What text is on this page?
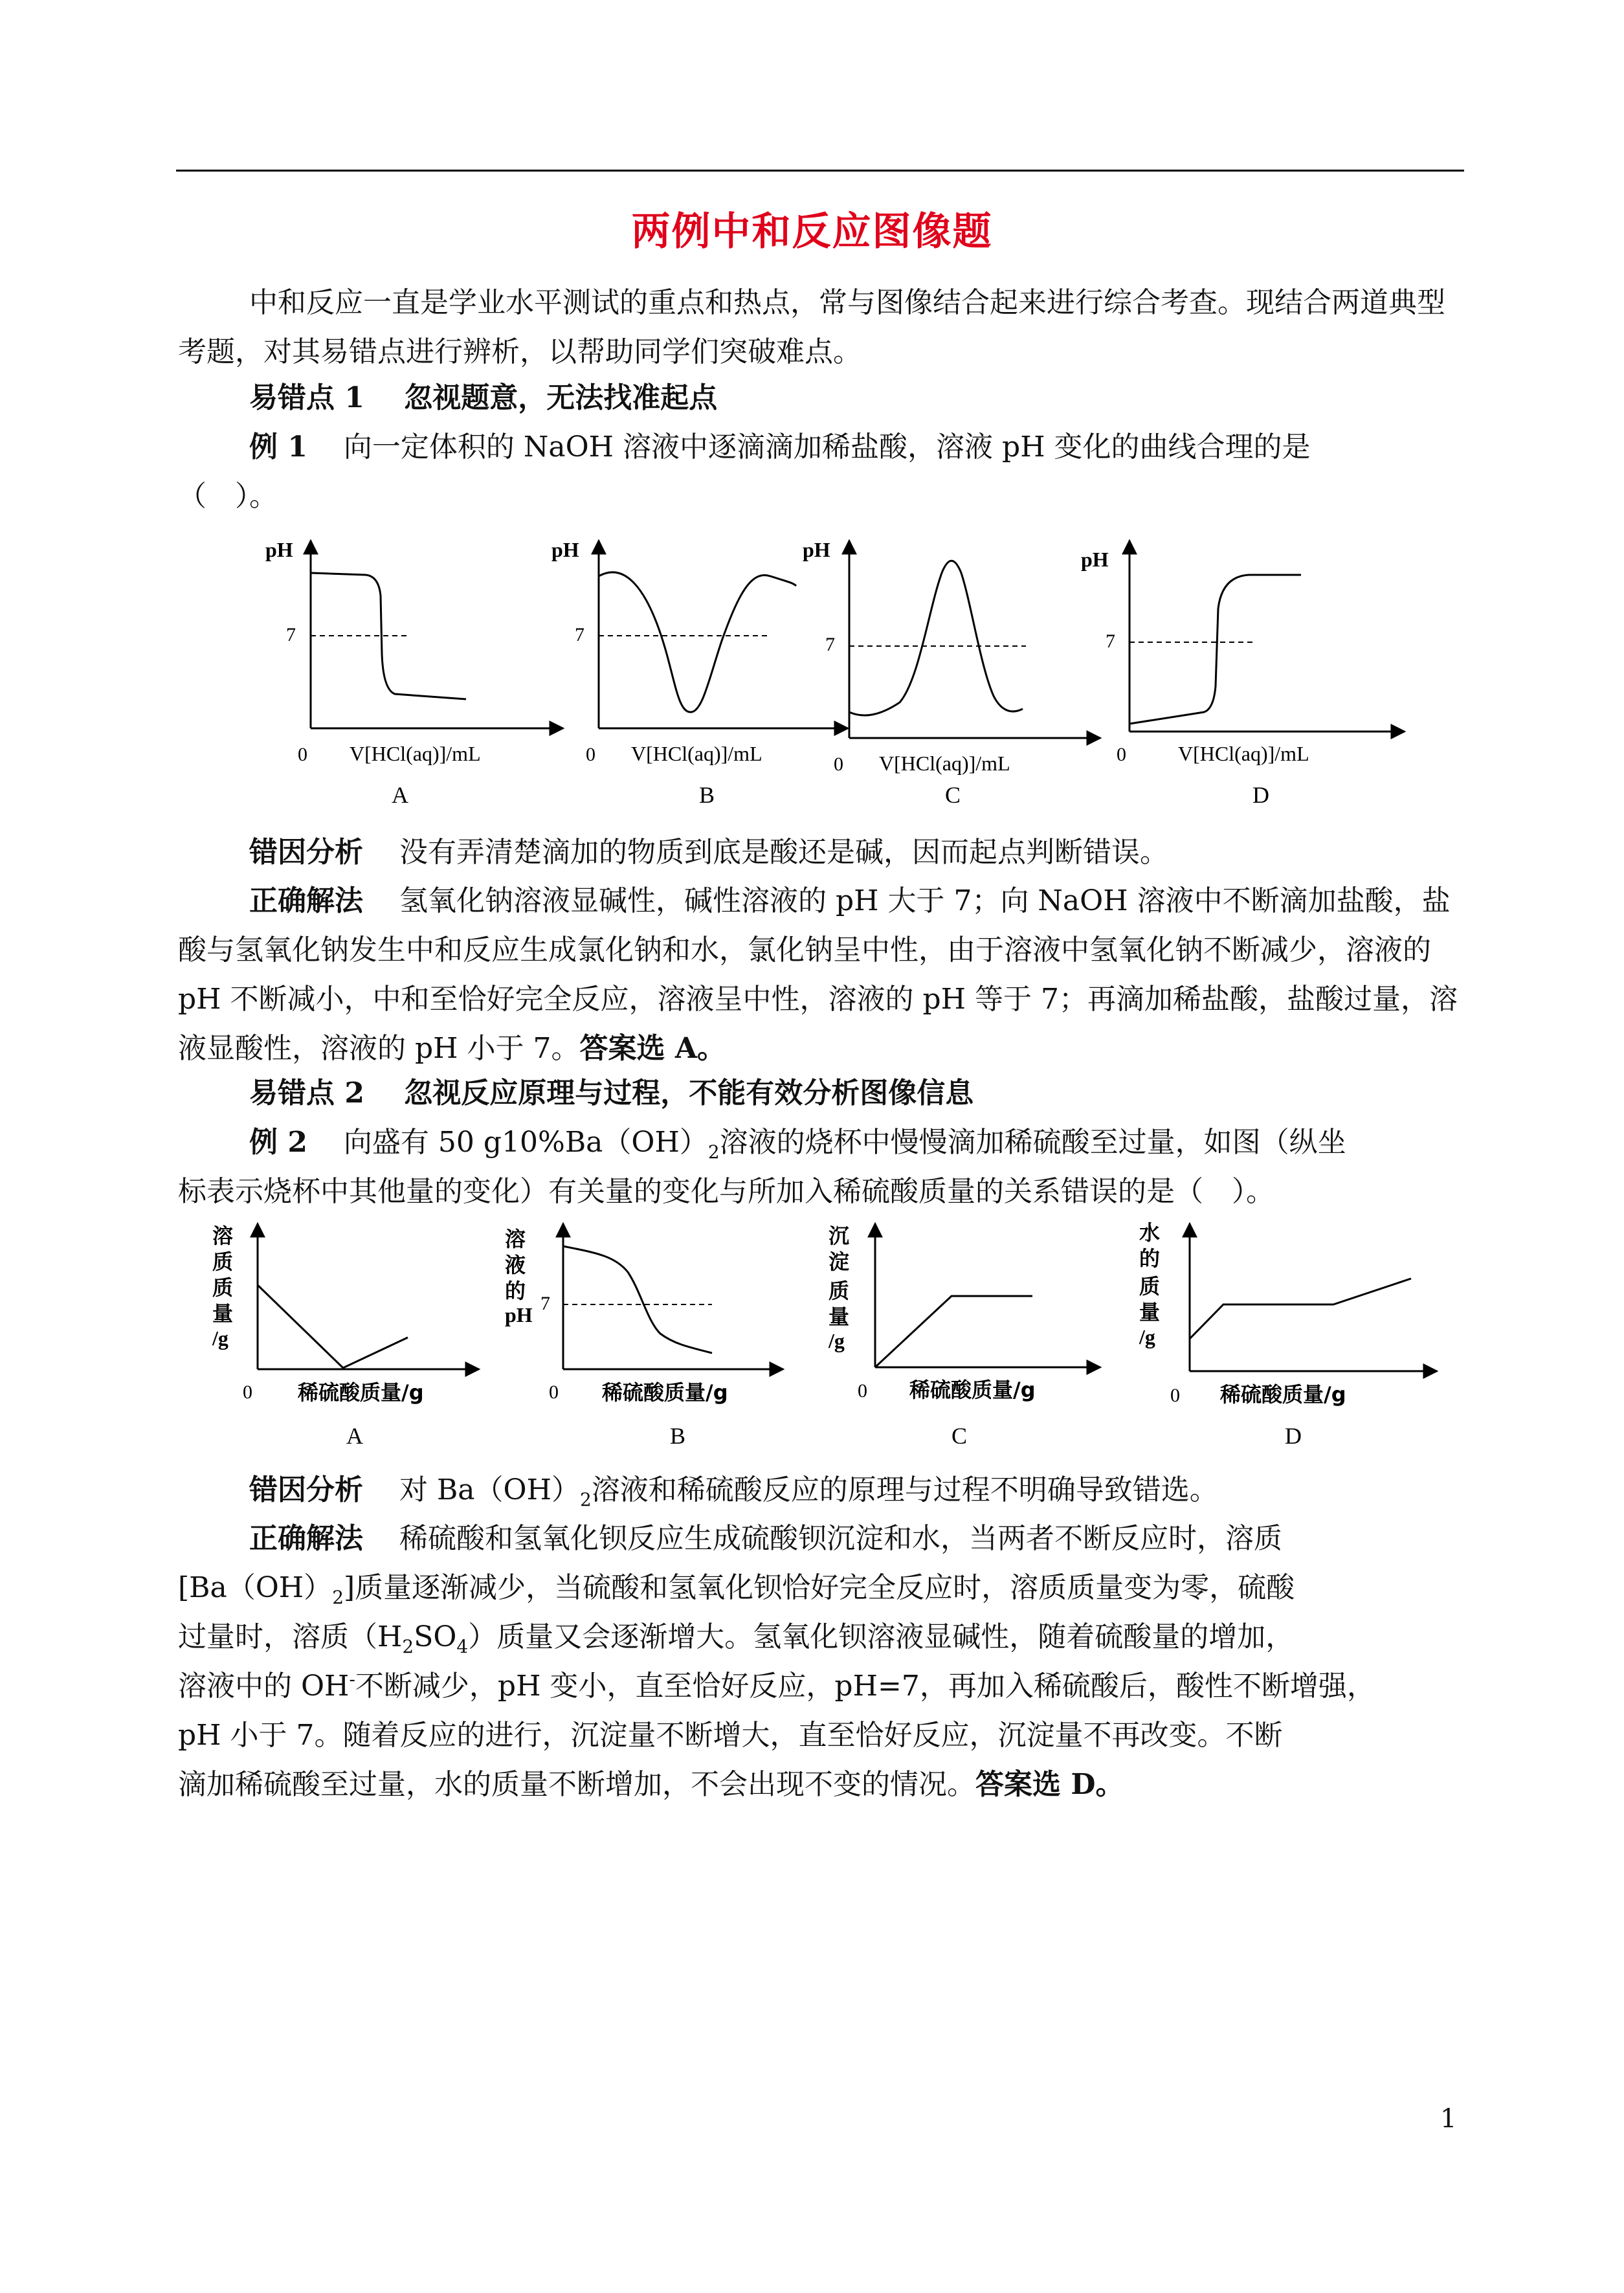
两例中和反应图像题

中和反应一直是学业水平测试的重点和热点，常与图像结合起来进行综合考查。现结合两道典型考题，对其易错点进行辨析，以帮助同学们突破难点。

易错点 1 忽视题意，无法找准起点
例 1 向一定体积的 NaOH 溶液中逐滴滴加稀盐酸，溶液 pH 变化的曲线合理的是
（　）。
pH
7
0 V[HCl(aq)]/mL
A
pH
7
0 V[HCl(aq)]/mL
B
pH
7
0 V[HCl(aq)]/mL
C
pH
7
0	V[HCl(aq)]/mL
D
错因分析 没有弄清楚滴加的物质到底是酸还是碱，因而起点判断错误。

正确解法 氢氧化钠溶液显碱性，碱性溶液的 pH 大于 7；向 NaOH 溶液中不断滴加盐酸，盐酸与氢氧化钠发生中和反应生成氯化钠和水，氯化钠呈中性，由于溶液中氢氧化钠不断减少，溶液的 pH 不断减小，中和至恰好完全反应，溶液呈中性，溶液的 pH 等于 7；再滴加稀盐酸，盐酸过量，溶液显酸性，溶液的 pH 小于 7。答案选 A。

易错点 2 忽视反应原理与过程，不能有效分析图像信息
例 2 向盛有 50 $g10\%Ba(OH)_2$溶液的烧杯中慢慢滴加稀硫酸至过量，如图（纵坐
标表示烧杯中其他量的变化）有关量的变化与所加入稀硫酸质量的关系错误的是（　）。
溶
质
质
量
/g
0 稀硫酸质量/g
A
溶
液
的
pH 7
0 稀硫酸质量/g
B
沉
淀
质
量
/g
0 稀硫酸质量/g
C
水
的
质
量
/g
0 稀硫酸质量/g
D
错因分析 对 $Ba(OH)_2$溶液和稀硫酸反应的原理与过程不明确导致错选。
正确解法 稀硫酸和氢氧化钡反应生成硫酸钡沉淀和水，当两者不断反应时，溶质
$[Ba(OH)_2]$质量逐渐减少，当硫酸和氢氧化钡恰好完全反应时，溶质质量变为零，硫酸
过量时，溶质$(H_2SO_4)$质量又会逐渐增大。氢氧化钡溶液显碱性，随着硫酸量的增加，
溶液中的 OH-不断减少，pH 变小，直至恰好反应，pH=7，再加入稀硫酸后，酸性不断增强，
pH 小于 7。随着反应的进行，沉淀量不断增大，直至恰好反应，沉淀量不再改变。不断
滴加稀硫酸至过量，水的质量不断增加，不会出现不变的情况。答案选 D。
1
